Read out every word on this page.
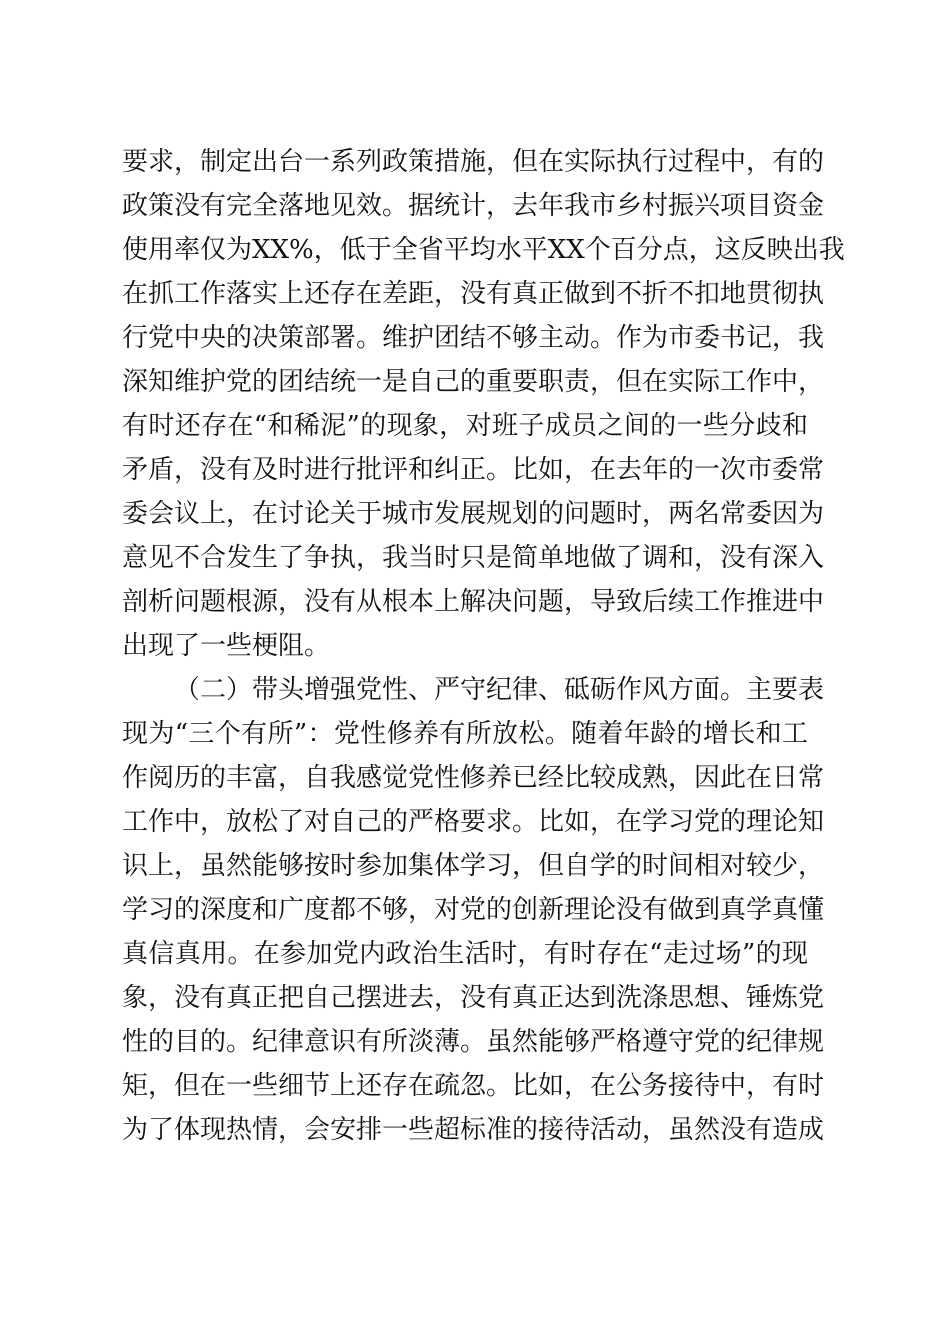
要求，制定出台一系列政策措施，但在实际执行过程中，有的
政策没有完全落地见效。据统计，去年我市乡村振兴项目资金
使用率仅为XX%，低于全省平均水平XX个百分点，这反映出我
在抓工作落实上还存在差距，没有真正做到不折不扣地贯彻执
行党中央的决策部署。维护团结不够主动。作为市委书记，我
深知维护党的团结统一是自己的重要职责，但在实际工作中，
有时还存在“和稀泥”的现象，对班子成员之间的一些分歧和
矛盾，没有及时进行批评和纠正。比如，在去年的一次市委常
委会议上，在讨论关于城市发展规划的问题时，两名常委因为
意见不合发生了争执，我当时只是简单地做了调和，没有深入
剖析问题根源，没有从根本上解决问题，导致后续工作推进中
出现了一些梗阻。
（二）带头增强党性、严守纪律、砥砺作风方面。主要表
现为“三个有所”：党性修养有所放松。随着年龄的增长和工
作阅历的丰富，自我感觉党性修养已经比较成熟，因此在日常
工作中，放松了对自己的严格要求。比如，在学习党的理论知
识上，虽然能够按时参加集体学习，但自学的时间相对较少，
学习的深度和广度都不够，对党的创新理论没有做到真学真懂
真信真用。在参加党内政治生活时，有时存在“走过场”的现
象，没有真正把自己摆进去，没有真正达到洗涤思想、锤炼党
性的目的。纪律意识有所淡薄。虽然能够严格遵守党的纪律规
矩，但在一些细节上还存在疏忽。比如，在公务接待中，有时
为了体现热情，会安排一些超标准的接待活动，虽然没有造成
